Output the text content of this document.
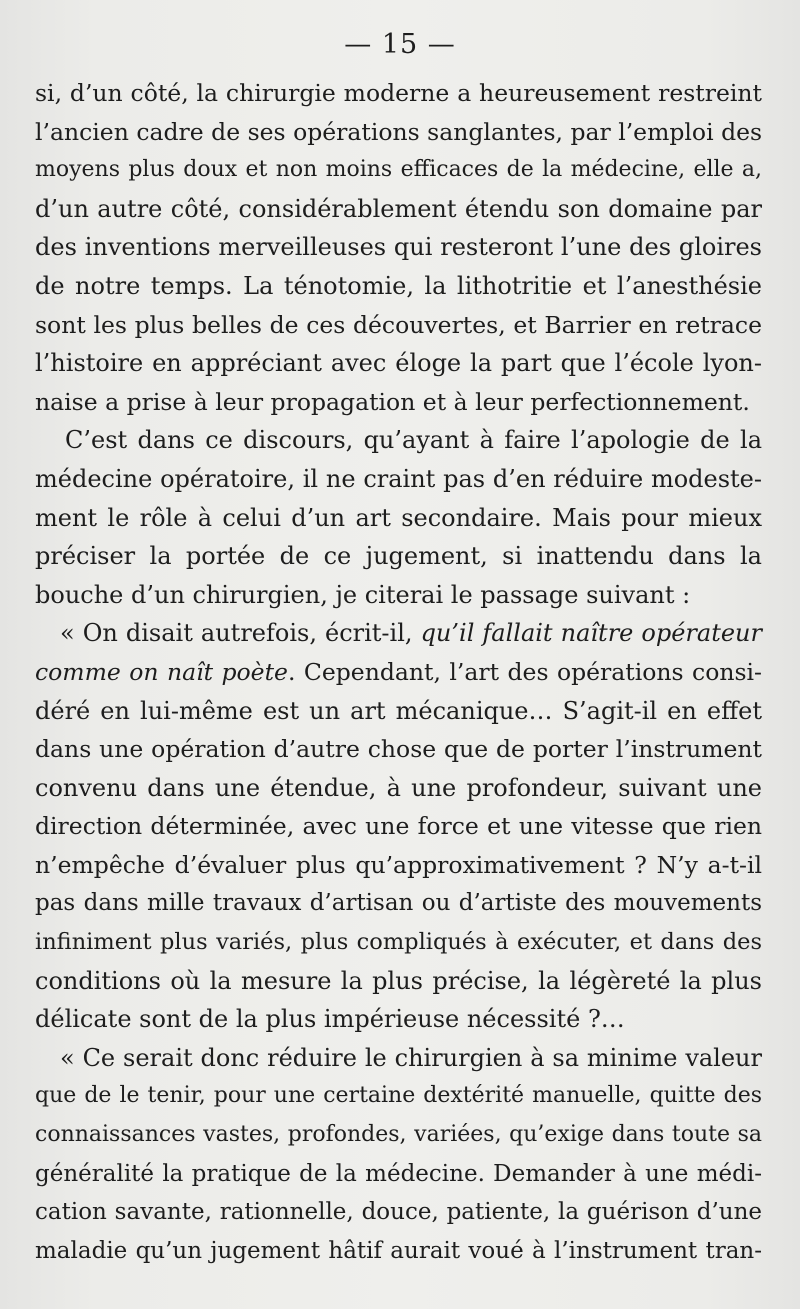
— 15 —
si, d’un côté, la chirurgie moderne a heureusement restreint
l’ancien cadre de ses opérations sanglantes, par l’emploi des
moyens plus doux et non moins efficaces de la médecine, elle a,
d’un autre côté, considérablement étendu son domaine par
des inventions merveilleuses qui resteront l’une des gloires
de notre temps. La ténotomie, la lithotritie et l’anesthésie
sont les plus belles de ces découvertes, et Barrier en retrace
l’histoire en appréciant avec éloge la part que l’école lyon-
naise a prise à leur propagation et à leur perfectionnement.
C’est dans ce discours, qu’ayant à faire l’apologie de la
médecine opératoire, il ne craint pas d’en réduire modeste-
ment le rôle à celui d’un art secondaire. Mais pour mieux
préciser la portée de ce jugement, si inattendu dans la
bouche d’un chirurgien, je citerai le passage suivant :
« On disait autrefois, écrit-il, qu’il fallait naître opérateur
comme on naît poète. Cependant, l’art des opérations consi-
déré en lui-même est un art mécanique… S’agit-il en effet
dans une opération d’autre chose que de porter l’instrument
convenu dans une étendue, à une profondeur, suivant une
direction déterminée, avec une force et une vitesse que rien
n’empêche d’évaluer plus qu’approximativement ? N’y a-t-il
pas dans mille travaux d’artisan ou d’artiste des mouvements
infiniment plus variés, plus compliqués à exécuter, et dans des
conditions où la mesure la plus précise, la légèreté la plus
délicate sont de la plus impérieuse nécessité ?…
« Ce serait donc réduire le chirurgien à sa minime valeur
que de le tenir, pour une certaine dextérité manuelle, quitte des
connaissances vastes, profondes, variées, qu’exige dans toute sa
généralité la pratique de la médecine. Demander à une médi-
cation savante, rationnelle, douce, patiente, la guérison d’une
maladie qu’un jugement hâtif aurait voué à l’instrument tran-
